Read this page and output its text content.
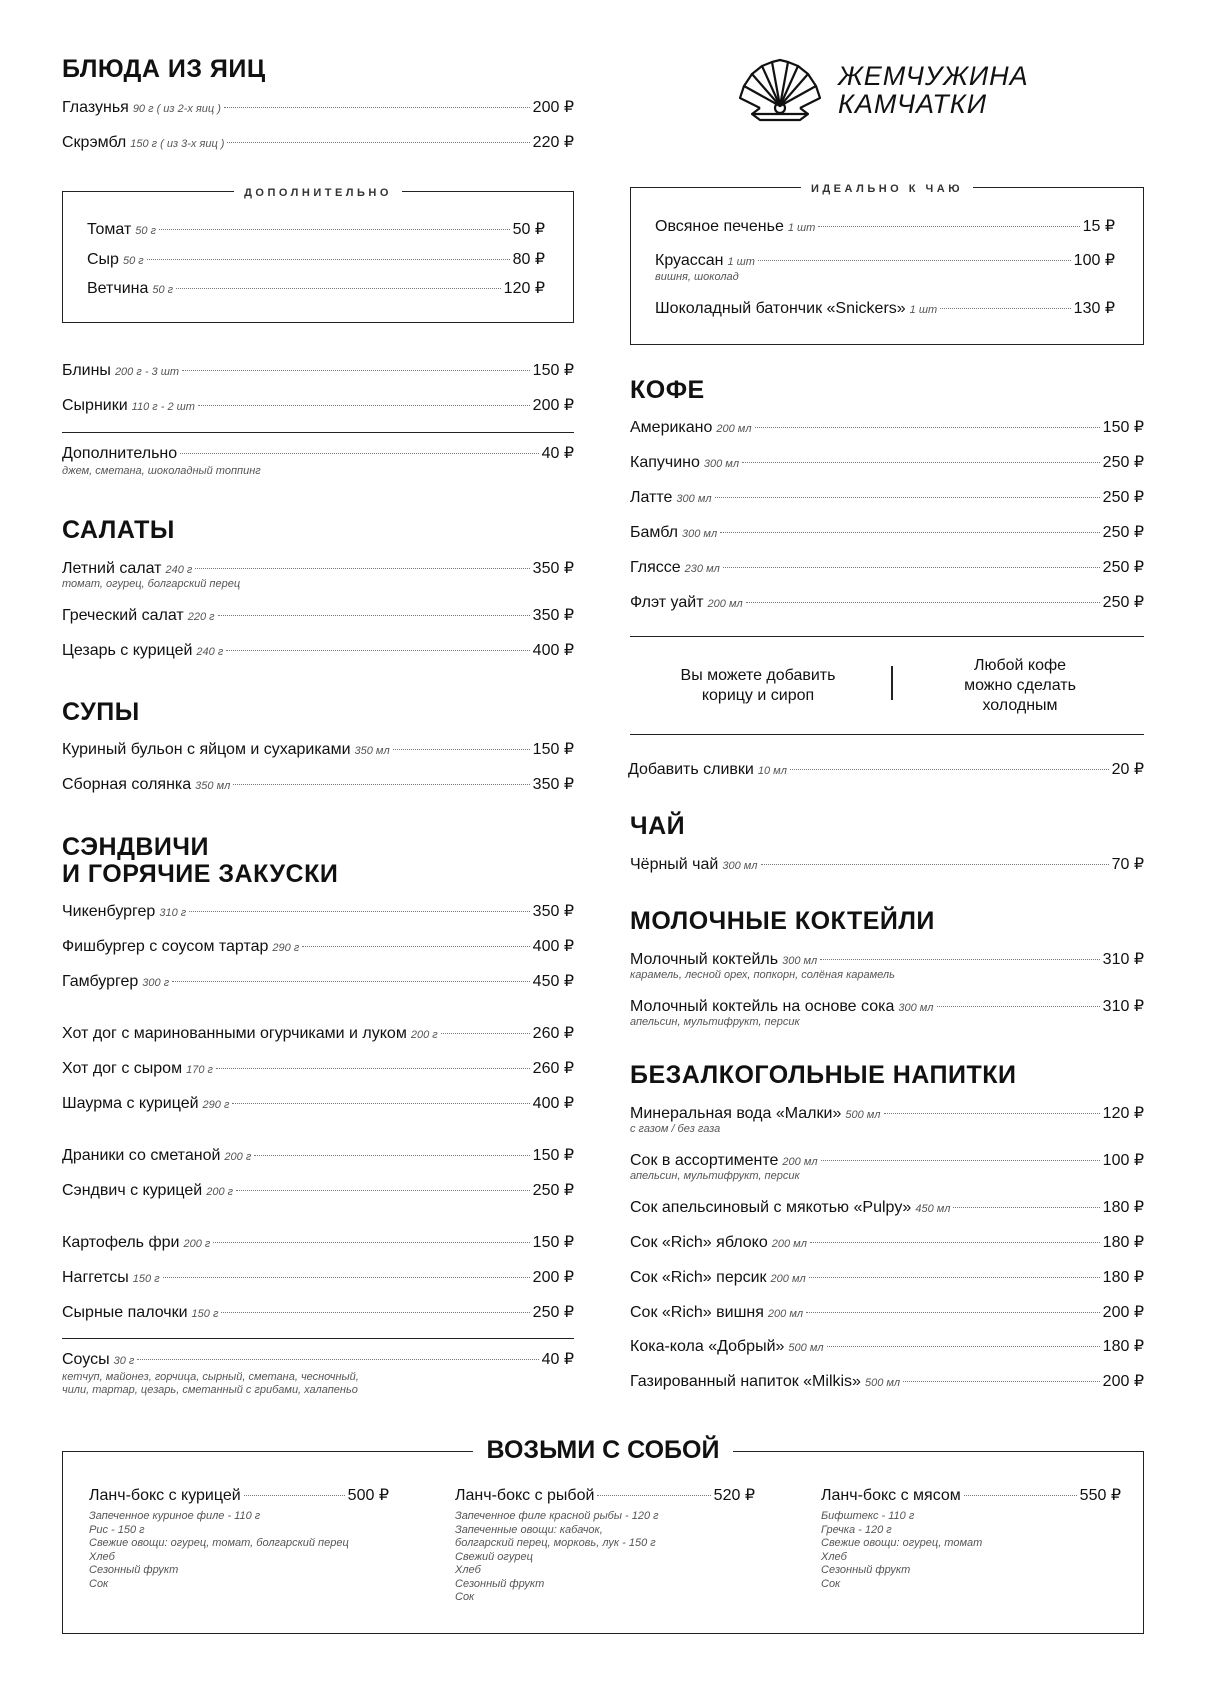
БЛЮДА ИЗ ЯИЦ
Глазунья 90 г ( из 2-х яиц )	200 ₽
Скрэмбл 150 г ( из 3-х яиц )	220 ₽
ДОПОЛНИТЕЛЬНО
Томат 50 г	50 ₽
Сыр 50 г	80 ₽
Ветчина 50 г	120 ₽
Блины 200 г - 3 шт	150 ₽
Сырники 110 г - 2 шт	200 ₽
Дополнительно	40 ₽
джем, сметана, шоколадный топпинг
САЛАТЫ
Летний салат 240 г	350 ₽
томат, огурец, болгарский перец
Греческий салат 220 г	350 ₽
Цезарь с курицей 240 г	400 ₽
СУПЫ
Куриный бульон с яйцом и сухариками 350 мл	150 ₽
Сборная солянка 350 мл	350 ₽
СЭНДВИЧИ
И ГОРЯЧИЕ ЗАКУСКИ
Чикенбургер 310 г	350 ₽
Фишбургер с соусом тартар 290 г	400 ₽
Гамбургер 300 г	450 ₽
Хот дог с маринованными огурчиками и луком 200 г	260 ₽
Хот дог с сыром 170 г	260 ₽
Шаурма с курицей 290 г	400 ₽
Драники со сметаной 200 г	150 ₽
Сэндвич с курицей 200 г	250 ₽
Картофель фри 200 г	150 ₽
Наггетсы 150 г	200 ₽
Сырные палочки 150 г	250 ₽
Соусы 30 г	40 ₽
кетчуп, майонез, горчица, сырный, сметана, чесночный,
чили, тартар, цезарь, сметанный с грибами, халапеньо
ЖЕМЧУЖИНА
КАМЧАТКИ
ИДЕАЛЬНО К ЧАЮ
Овсяное печенье 1 шт	15 ₽
Круассан 1 шт	100 ₽
вишня, шоколад
Шоколадный батончик «Snickers» 1 шт	130 ₽
КОФЕ
Американо 200 мл	150 ₽
Капучино 300 мл	250 ₽
Латте 300 мл	250 ₽
Бамбл 300 мл	250 ₽
Гляссе 230 мл	250 ₽
Флэт уайт 200 мл	250 ₽
Вы можете добавить
корицу и сироп
Любой кофе
можно сделать
холодным
Добавить сливки 10 мл	20 ₽
ЧАЙ
Чёрный чай 300 мл	70 ₽
МОЛОЧНЫЕ КОКТЕЙЛИ
Молочный коктейль 300 мл	310 ₽
карамель, лесной орех, попкорн, солёная карамель
Молочный коктейль на основе сока 300 мл	310 ₽
апельсин, мультифрукт, персик
БЕЗАЛКОГОЛЬНЫЕ НАПИТКИ
Минеральная вода «Малки» 500 мл	120 ₽
с газом / без газа
Сок в ассортименте 200 мл	100 ₽
апельсин, мультифрукт, персик
Сок апельсиновый с мякотью «Pulpy» 450 мл	180 ₽
Сок «Rich» яблоко 200 мл	180 ₽
Сок «Rich» персик 200 мл	180 ₽
Сок «Rich» вишня 200 мл	200 ₽
Кока-кола «Добрый» 500 мл	180 ₽
Газированный напиток «Milkis» 500 мл	200 ₽
ВОЗЬМИ С СОБОЙ
Ланч-бокс с курицей	500 ₽
Запеченное куриное филе - 110 г
Рис - 150 г
Свежие овощи: огурец, томат, болгарский перец
Хлеб
Сезонный фрукт
Сок
Ланч-бокс с рыбой	520 ₽
Запеченное филе красной рыбы - 120 г
Запеченные овощи: кабачок,
болгарский перец, морковь, лук - 150 г
Свежий огурец
Хлеб
Сезонный фрукт
Сок
Ланч-бокс с мясом	550 ₽
Бифштекс - 110 г
Гречка - 120 г
Свежие овощи: огурец, томат
Хлеб
Сезонный фрукт
Сок
